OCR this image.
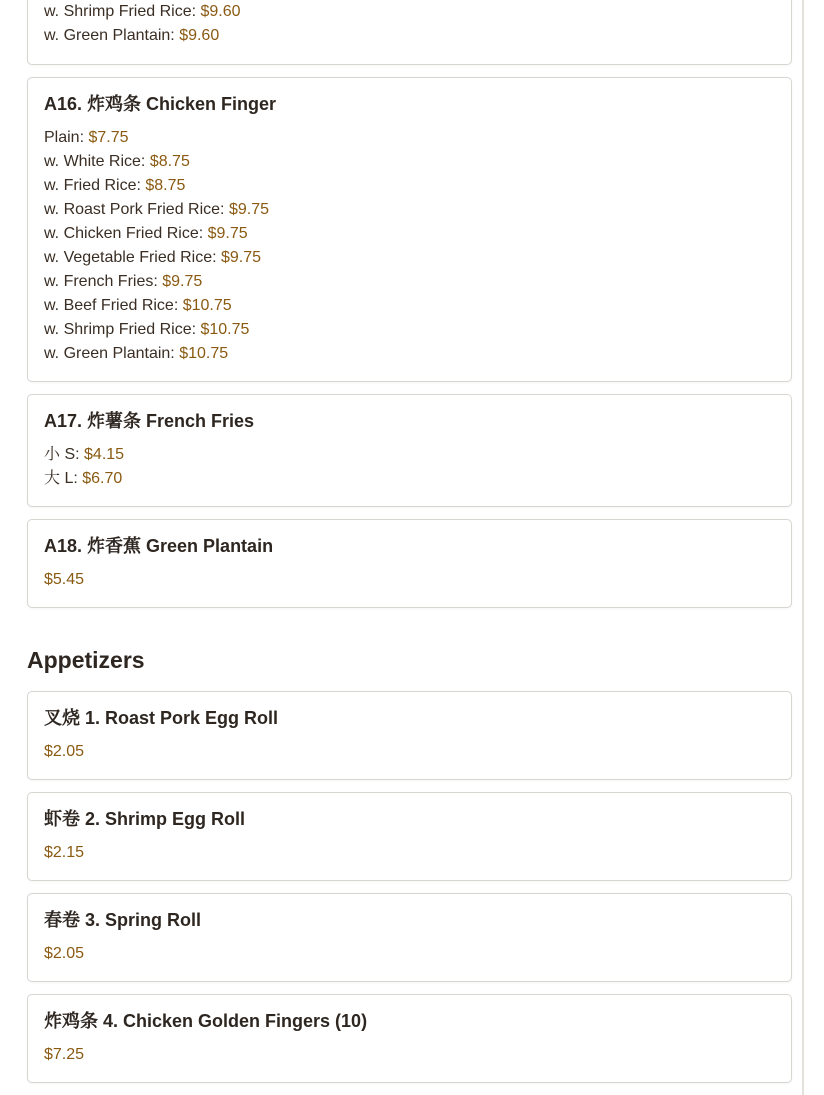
w. Shrimp Fried Rice: $9.60
w. Green Plantain: $9.60
A16. 炸鸡条 Chicken Finger
Plain: $7.75
w. White Rice: $8.75
w. Fried Rice: $8.75
w. Roast Pork Fried Rice: $9.75
w. Chicken Fried Rice: $9.75
w. Vegetable Fried Rice: $9.75
w. French Fries: $9.75
w. Beef Fried Rice: $10.75
w. Shrimp Fried Rice: $10.75
w. Green Plantain: $10.75
A17. 炸薯条 French Fries
小 S: $4.15
大 L: $6.70
A18. 炸香蕉 Green Plantain
$5.45
Appetizers
叉烧 1. Roast Pork Egg Roll
$2.05
虾卷 2. Shrimp Egg Roll
$2.15
春卷 3. Spring Roll
$2.05
炸鸡条 4. Chicken Golden Fingers (10)
$7.25
